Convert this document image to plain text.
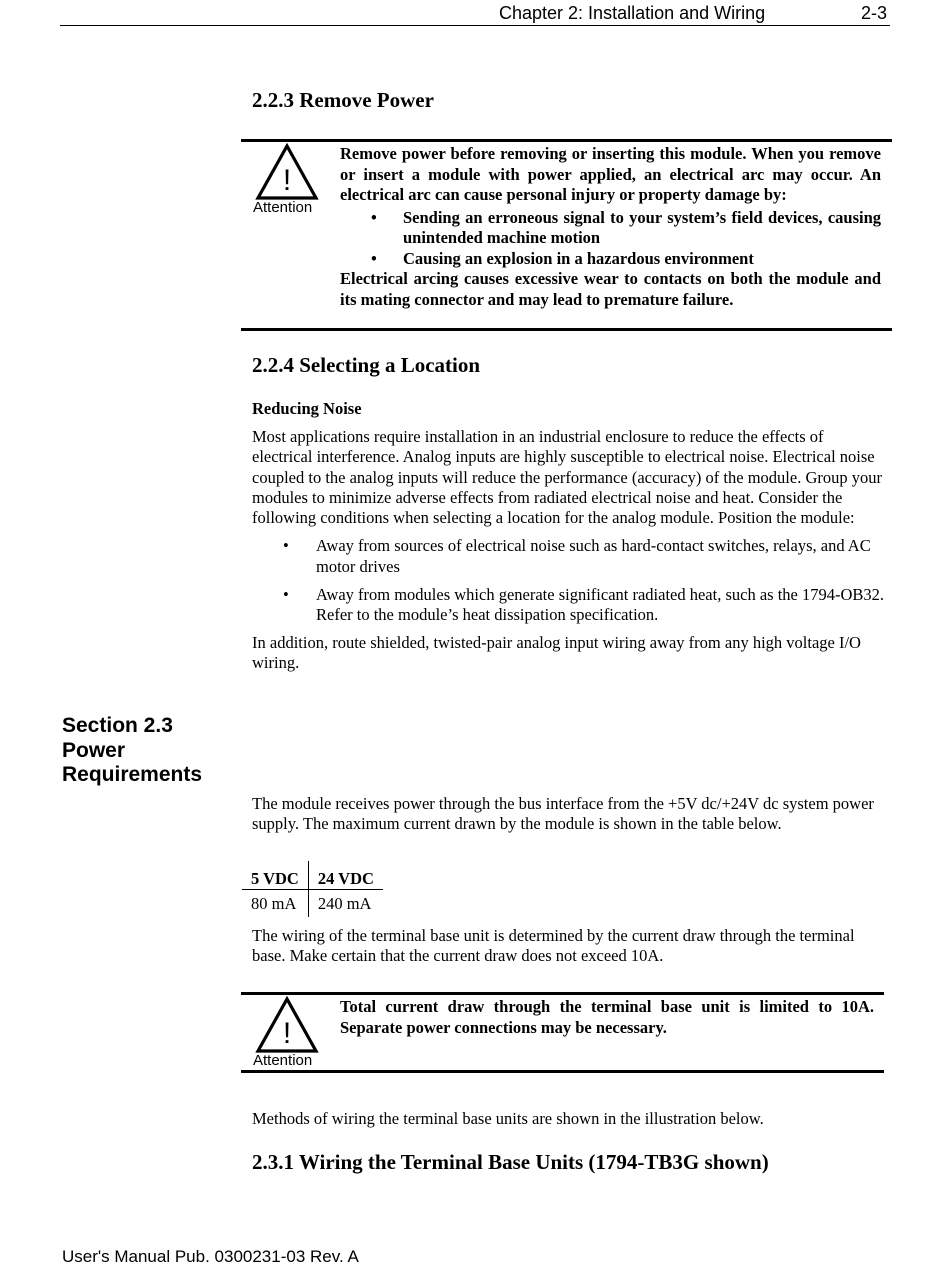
Chapter 2: Installation and Wiring	2-3
2.2.3 Remove Power
!
Attention

Remove power before removing or inserting this module. When you remove or insert a module with power applied, an electrical arc may occur. An electrical arc can cause personal injury or property damage by:

• Sending an erroneous signal to your system’s field devices, causing unintended machine motion
• Causing an explosion in a hazardous environment

Electrical arcing causes excessive wear to contacts on both the module and its mating connector and may lead to premature failure.

2.2.4 Selecting a Location
Reducing Noise

Most applications require installation in an industrial enclosure to reduce the effects of electrical interference. Analog inputs are highly susceptible to electrical noise. Electrical noise coupled to the analog inputs will reduce the performance (accuracy) of the module. Group your modules to minimize adverse effects from radiated electrical noise and heat. Consider the following conditions when selecting a location for the analog module. Position the module:

• Away from sources of electrical noise such as hard-contact switches, relays, and AC motor drives
• Away from modules which generate significant radiated heat, such as the 1794-OB32. Refer to the module’s heat dissipation specification.

In addition, route shielded, twisted-pair analog input wiring away from any high voltage I/O wiring.

Section 2.3
Power
Requirements
The module receives power through the bus interface from the +5V dc/+24V dc system power supply. The maximum current drawn by the module is shown in the table below.
5 VDC	24 VDC
80 mA	240 mA
The wiring of the terminal base unit is determined by the current draw through the terminal base. Make certain that the current draw does not exceed 10A.
!
Attention
Total current draw through the terminal base unit is limited to 10A. Separate power connections may be necessary.
Methods of wiring the terminal base units are shown in the illustration below.
2.3.1 Wiring the Terminal Base Units (1794-TB3G shown)
User's Manual Pub. 0300231-03 Rev. A
